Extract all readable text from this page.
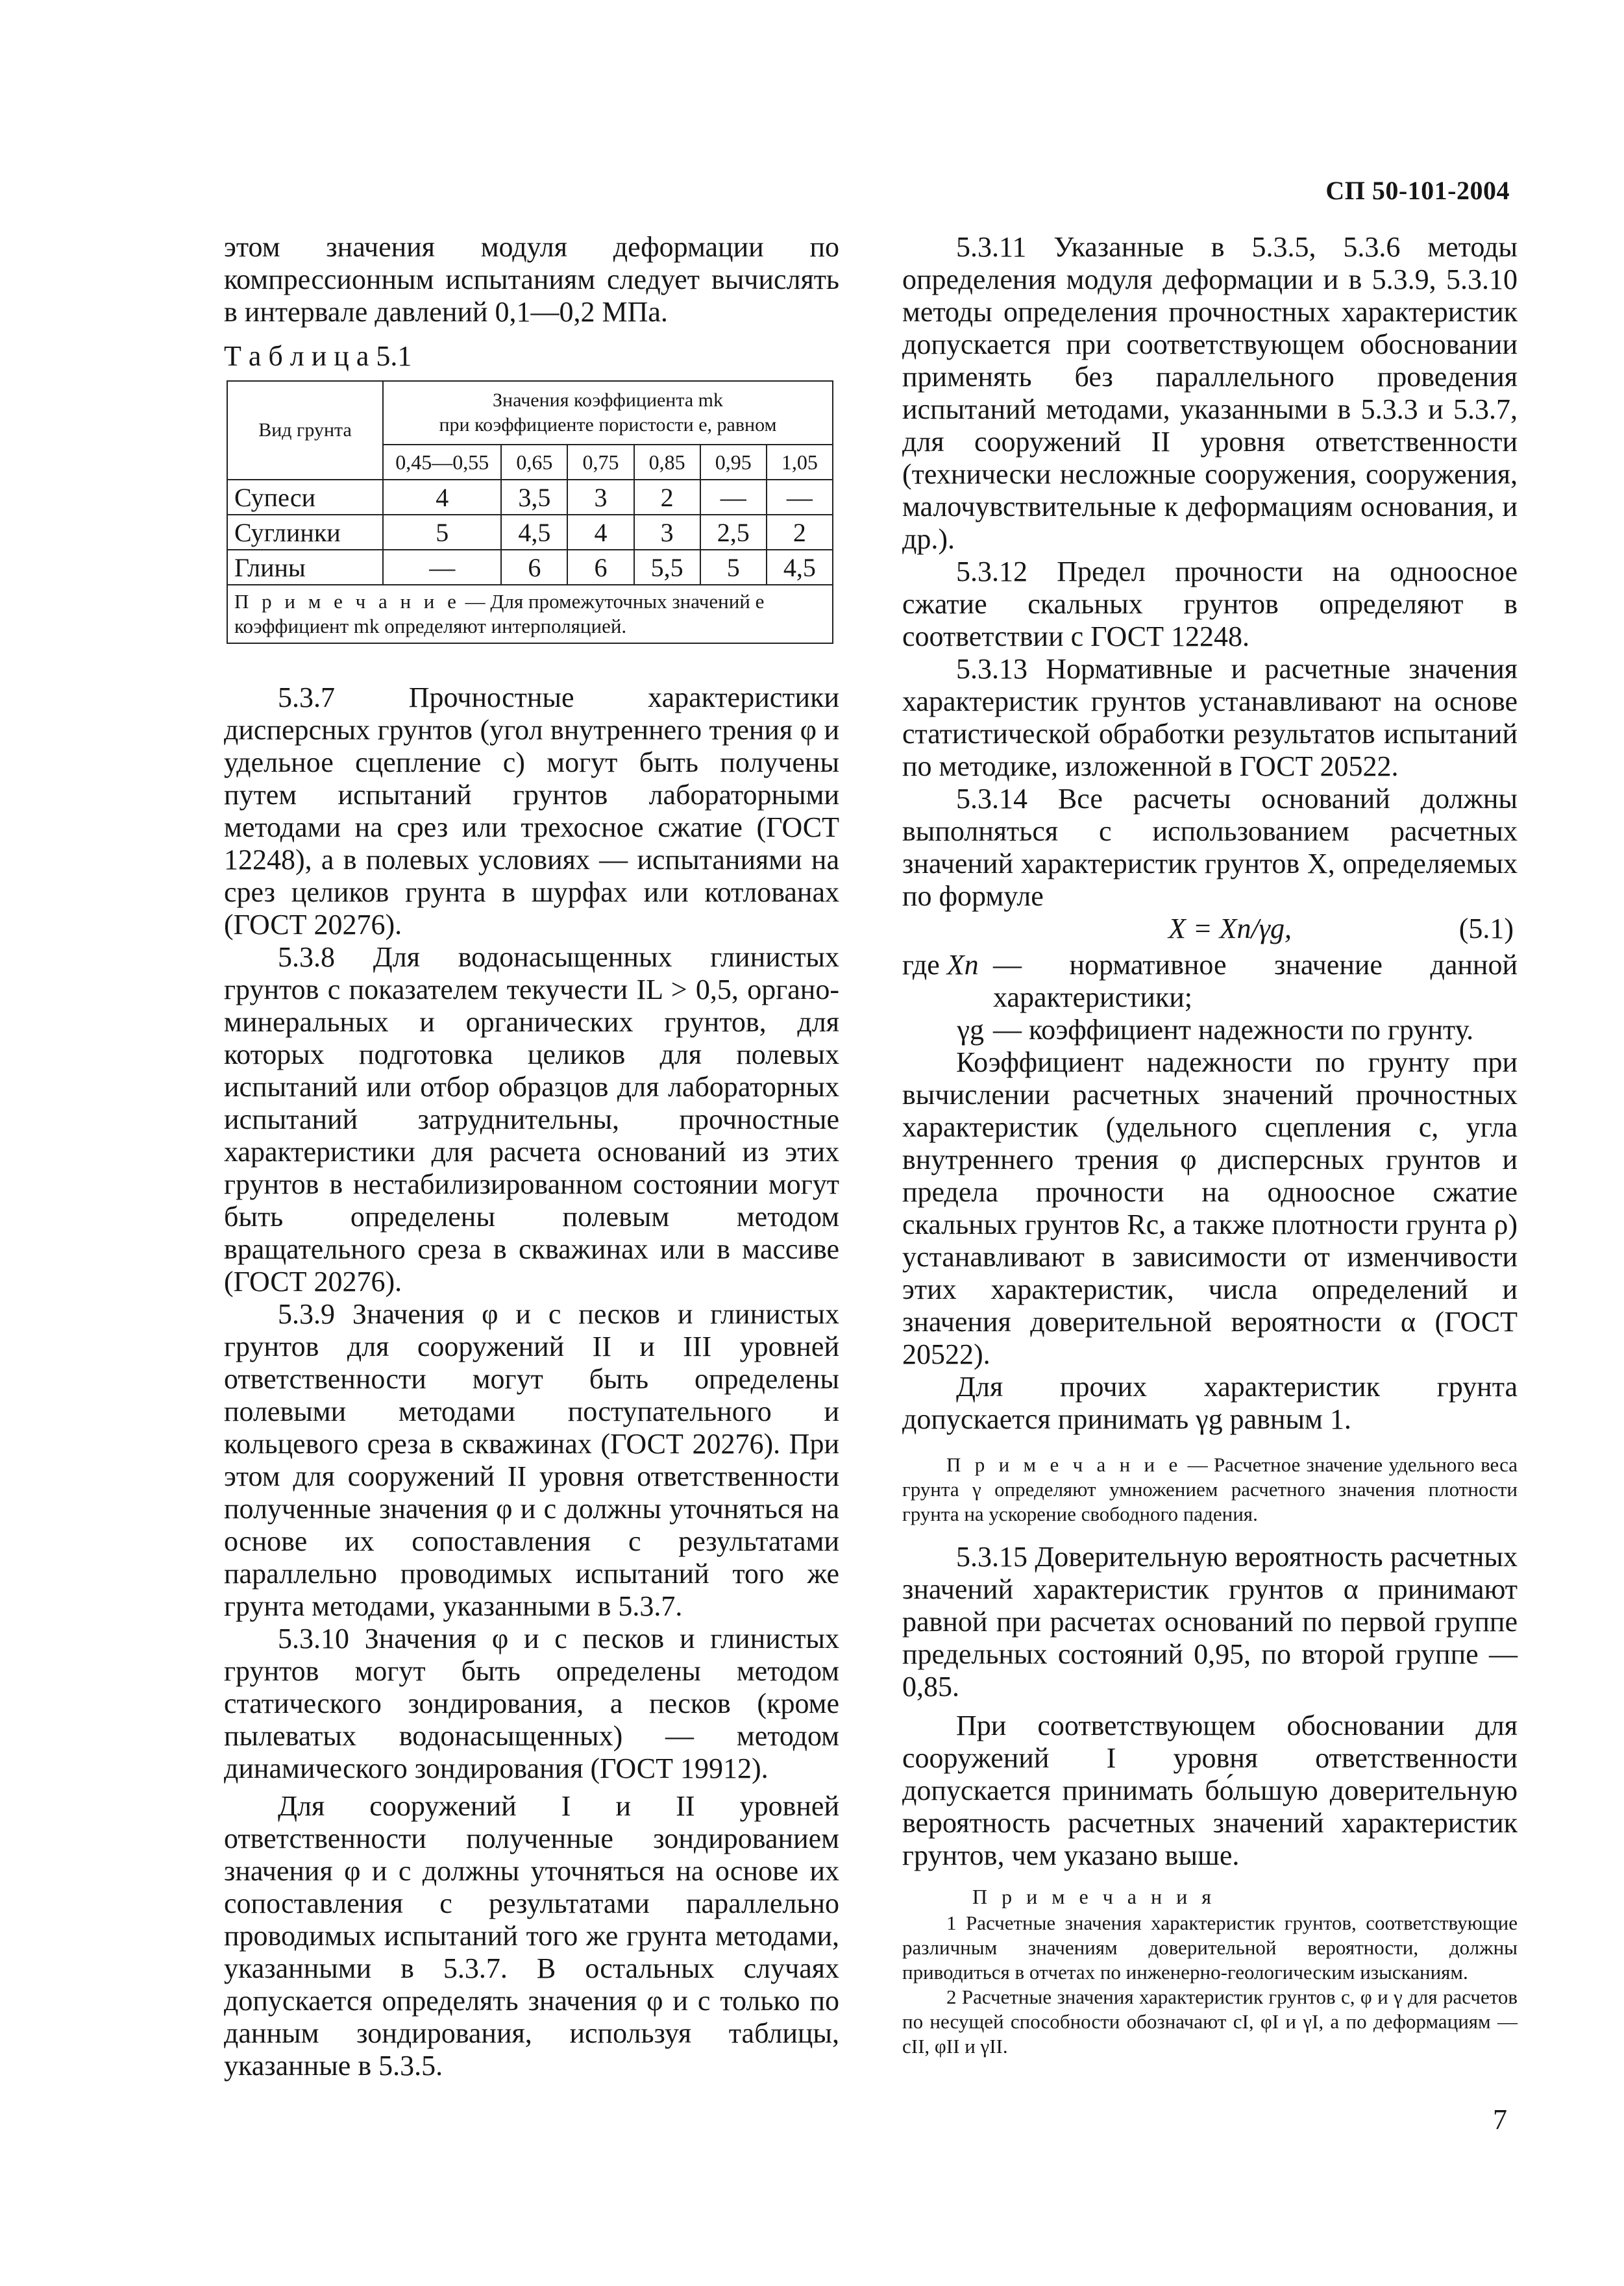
СП 50-101-2004

этом значения модуля деформации по компрессионным испытаниям следует вычислять в интервале давлений 0,1—0,2 МПа.

Т а б л и ц а 5.1
Вид грунта	Значения коэффициента mk
при коэффициенте пористости e, равном					

	0,45—0,55	0,65	0,75	0,85	0,95	1,05
Супеси	4	3,5	3	2	—	—
Суглинки	5	4,5	4	3	2,5	2
Глины	—	6	6	5,5	5	4,5
П р и м е ч а н и е — Для промежуточных значений e коэффициент mk определяют интерполяцией.						

5.3.7 Прочностные характеристики дисперсных грунтов (угол внутреннего трения φ и удельное сцепление c) могут быть получены путем испытаний грунтов лабораторными методами на срез или трехосное сжатие (ГОСТ 12248), а в полевых условиях — испытаниями на срез целиков грунта в шурфах или котлованах (ГОСТ 20276).

5.3.8 Для водонасыщенных глинистых грунтов с показателем текучести IL > 0,5, органо-минеральных и органических грунтов, для которых подготовка целиков для полевых испытаний или отбор образцов для лабораторных испытаний затруднительны, прочностные характеристики для расчета оснований из этих грунтов в нестабилизированном состоянии могут быть определены полевым методом вращательного среза в скважинах или в массиве (ГОСТ 20276).

5.3.9 Значения φ и c песков и глинистых грунтов для сооружений II и III уровней ответственности могут быть определены полевыми методами поступательного и кольцевого среза в скважинах (ГОСТ 20276). При этом для сооружений II уровня ответственности полученные значения φ и c должны уточняться на основе их сопоставления с результатами параллельно проводимых испытаний того же грунта методами, указанными в 5.3.7.

5.3.10 Значения φ и c песков и глинистых грунтов могут быть определены методом статического зондирования, а песков (кроме пылеватых водонасыщенных) — методом динамического зондирования (ГОСТ 19912).

Для сооружений I и II уровней ответственности полученные зондированием значения φ и c должны уточняться на основе их сопоставления с результатами параллельно проводимых испытаний того же грунта методами, указанными в 5.3.7. В остальных случаях допускается определять значения φ и c только по данным зондирования, используя таблицы, указанные в 5.3.5.

5.3.11 Указанные в 5.3.5, 5.3.6 методы определения модуля деформации и в 5.3.9, 5.3.10 методы определения прочностных характеристик допускается при соответствующем обосновании применять без параллельного проведения испытаний методами, указанными в 5.3.3 и 5.3.7, для сооружений II уровня ответственности (технически несложные сооружения, сооружения, малочувствительные к деформациям основания, и др.).

5.3.12 Предел прочности на одноосное сжатие скальных грунтов определяют в соответствии с ГОСТ 12248.

5.3.13 Нормативные и расчетные значения характеристик грунтов устанавливают на основе статистической обработки результатов испытаний по методике, изложенной в ГОСТ 20522.

5.3.14 Все расчеты оснований должны выполняться с использованием расчетных значений характеристик грунтов X, определяемых по формуле

X = Xn/γg,	(5.1)
где Xn — нормативное значение данной характеристики;
γg — коэффициент надежности по грунту.

Коэффициент надежности по грунту при вычислении расчетных значений прочностных характеристик (удельного сцепления c, угла внутреннего трения φ дисперсных грунтов и предела прочности на одноосное сжатие скальных грунтов Rc, а также плотности грунта ρ) устанавливают в зависимости от изменчивости этих характеристик, числа определений и значения доверительной вероятности α (ГОСТ 20522).

Для прочих характеристик грунта допускается принимать γg равным 1.

П р и м е ч а н и е — Расчетное значение удельного веса грунта γ определяют умножением расчетного значения плотности грунта на ускорение свободного падения.

5.3.15 Доверительную вероятность расчетных значений характеристик грунтов α принимают равной при расчетах оснований по первой группе предельных состояний 0,95, по второй группе — 0,85.

При соответствующем обосновании для сооружений I уровня ответственности допускается принимать бо́льшую доверительную вероятность расчетных значений характеристик грунтов, чем указано выше.

П р и м е ч а н и я

1 Расчетные значения характеристик грунтов, соответствующие различным значениям доверительной вероятности, должны приводиться в отчетах по инженерно-геологическим изысканиям.

2 Расчетные значения характеристик грунтов c, φ и γ для расчетов по несущей способности обозначают cI, φI и γI, а по деформациям — cII, φII и γII.

7
